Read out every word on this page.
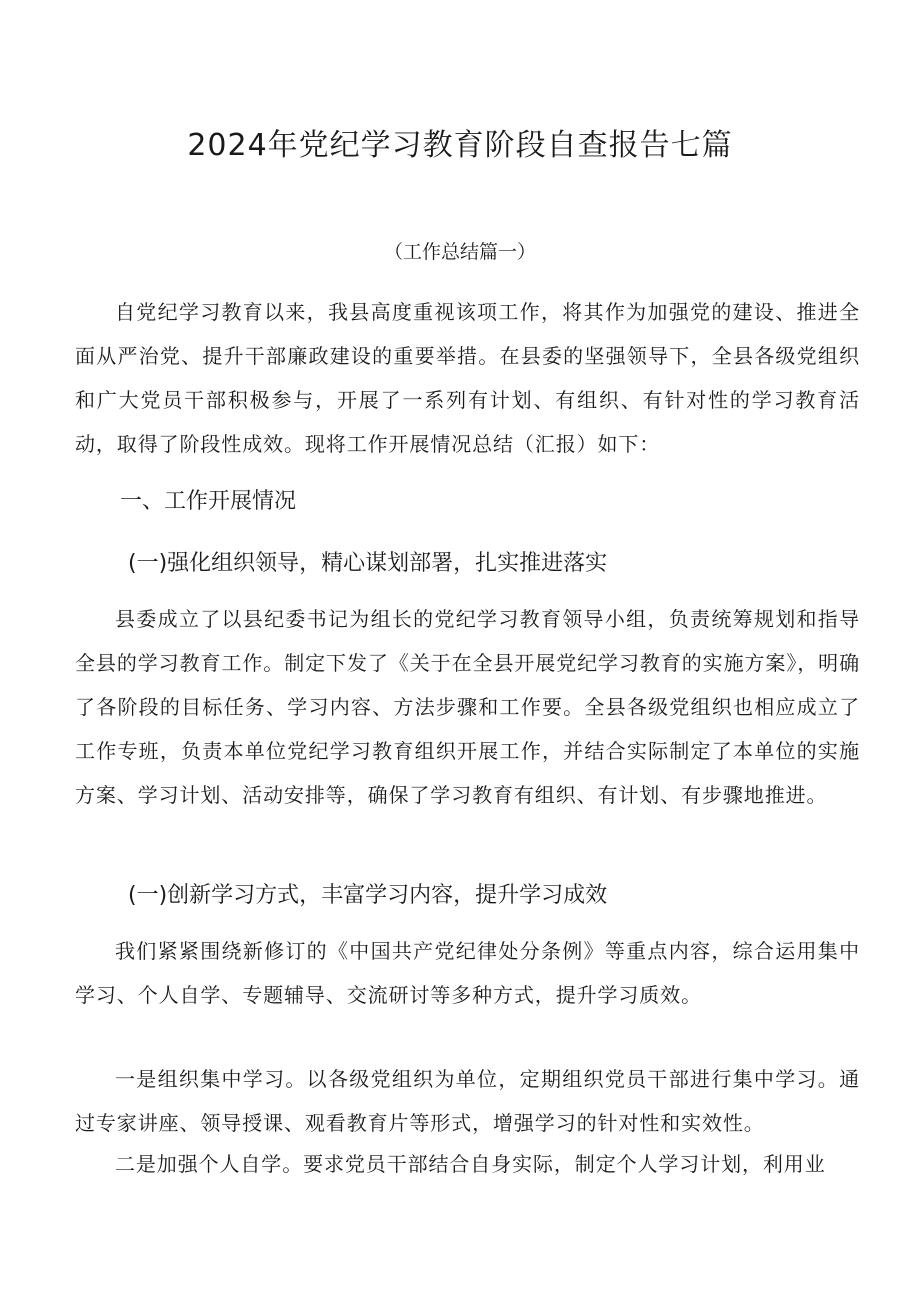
2024年党纪学习教育阶段自查报告七篇

（工作总结篇一）

自党纪学习教育以来，我县高度重视该项工作，将其作为加强党的建设、推进全面从严治党、提升干部廉政建设的重要举措。在县委的坚强领导下，全县各级党组织和广大党员干部积极参与，开展了一系列有计划、有组织、有针对性的学习教育活动，取得了阶段性成效。现将工作开展情况总结（汇报）如下：

一、工作开展情况
(一)强化组织领导，精心谋划部署，扎实推进落实

县委成立了以县纪委书记为组长的党纪学习教育领导小组，负责统筹规划和指导全县的学习教育工作。制定下发了《关于在全县开展党纪学习教育的实施方案》，明确了各阶段的目标任务、学习内容、方法步骤和工作要。全县各级党组织也相应成立了工作专班，负责本单位党纪学习教育组织开展工作，并结合实际制定了本单位的实施方案、学习计划、活动安排等，确保了学习教育有组织、有计划、有步骤地推进。

(一)创新学习方式，丰富学习内容，提升学习成效

我们紧紧围绕新修订的《中国共产党纪律处分条例》等重点内容，综合运用集中学习、个人自学、专题辅导、交流研讨等多种方式，提升学习质效。

一是组织集中学习。以各级党组织为单位，定期组织党员干部进行集中学习。通过专家讲座、领导授课、观看教育片等形式，增强学习的针对性和实效性。

二是加强个人自学。要求党员干部结合自身实际，制定个人学习计划，利用业
